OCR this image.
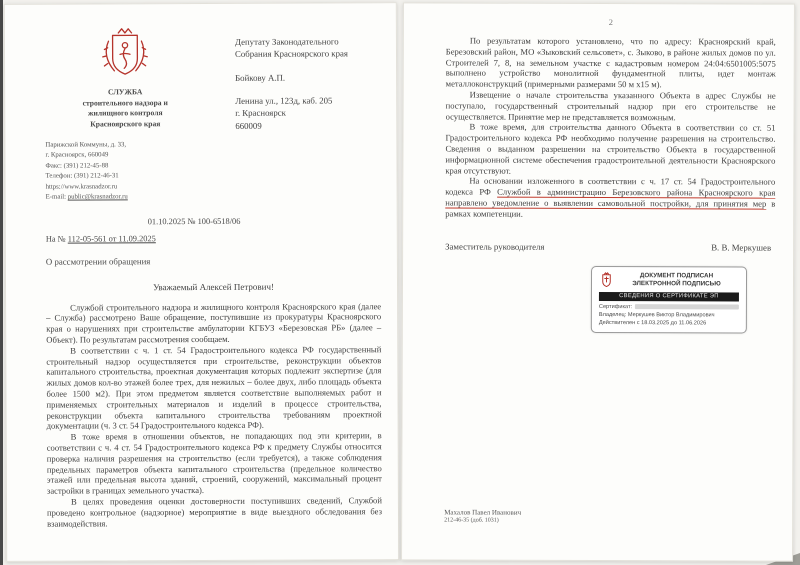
СЛУЖБА
строительного надзора и
жилищного контроля
Красноярского края
Парижской Коммуны, д. 33,
г. Красноярск, 660049
Факс: (391) 212-45-88
Телефон: (391) 212-46-31
https://www.krasnadzor.ru
E-mail: public@krasnadzor.ru
Депутату Законодательного
Собрания Красноярского края
Бойкову А.П.
Ленина ул., 123д, каб. 205
г. Красноярск
660009
01.10.2025 № 100-6518/06
На № 112-05-561 от 11.09.2025
О рассмотрении обращения
Уважаемый Алексей Петрович!

Службой строительного надзора и жилищного контроля Красноярского края (далее – Служба) рассмотрено Ваше обращение, поступившие из прокуратуры Красноярского края о нарушениях при строительстве амбулатории КГБУЗ «Березовская РБ» (далее – Объект). По результатам рассмотрения сообщаем.

В соответствии с ч. 1 ст. 54 Градостроительного кодекса РФ государственный строительный надзор осуществляется при строительстве, реконструкции объектов капитального строительства, проектная документация которых подлежит экспертизе (для жилых домов кол-во этажей более трех, для нежилых – более двух, либо площадь объекта более 1500 м2). При этом предметом является соответствие выполняемых работ и применяемых строительных материалов и изделий в процессе строительства, реконструкции объекта капитального строительства требованиям проектной документации (ч. 3 ст. 54 Градостроительного кодекса РФ).

В тоже время в отношении объектов, не попадающих под эти критерии, в соответствии с ч. 4 ст. 54 Градостроительного кодекса РФ к предмету Службы относится проверка наличия разрешения на строительство (если требуется), а также соблюдения предельных параметров объекта капитального строительства (предельное количество этажей или предельная высота зданий, строений, сооружений, максимальный процент застройки в границах земельного участка).

В целях проведения оценки достоверности поступивших сведений, Службой проведено контрольное (надзорное) мероприятие в виде выездного обследования без взаимодействия.

2

По результатам которого установлено, что по адресу: Красноярский край, Березовский район, МО «Зыковский сельсовет», с. Зыково, в районе жилых домов по ул. Строителей 7, 8, на земельном участке с кадастровым номером 24:04:6501005:5075 выполнено устройство монолитной фундаментной плиты, идет монтаж металлоконструкций (примерными размерами 50 м х15 м).

Извещение о начале строительства указанного Объекта в адрес Службы не поступало, государственный строительный надзор при его строительстве не осуществляется. Принятие мер не представляется возможным.

В тоже время, для строительства данного Объекта в соответствии со ст. 51 Градостроительного кодекса РФ необходимо получение разрешения на строительство. Сведения о выданном разрешении на строительство Объекта в государственной информационной системе обеспечения градостроительной деятельности Красноярского края отсутствуют.

На основании изложенного в соответствии с ч. 17 ст. 54 Градостроительного кодекса РФ Службой в администрацию Березовского района Красноярского края направлено уведомление о выявлении самовольной постройки, для принятия мер в рамках компетенции.

Заместитель руководителя	В. В. Меркушев
ДОКУМЕНТ ПОДПИСАН
ЭЛЕКТРОННОЙ ПОДПИСЬЮ
СВЕДЕНИЯ О СЕРТИФИКАТЕ ЭП
Сертификат:
Владелец: Меркушев Виктор Владимирович
Действителен с 18.03.2025 до 11.06.2026
Махалов Павел Иванович
212-46-35 (доб. 1031)
